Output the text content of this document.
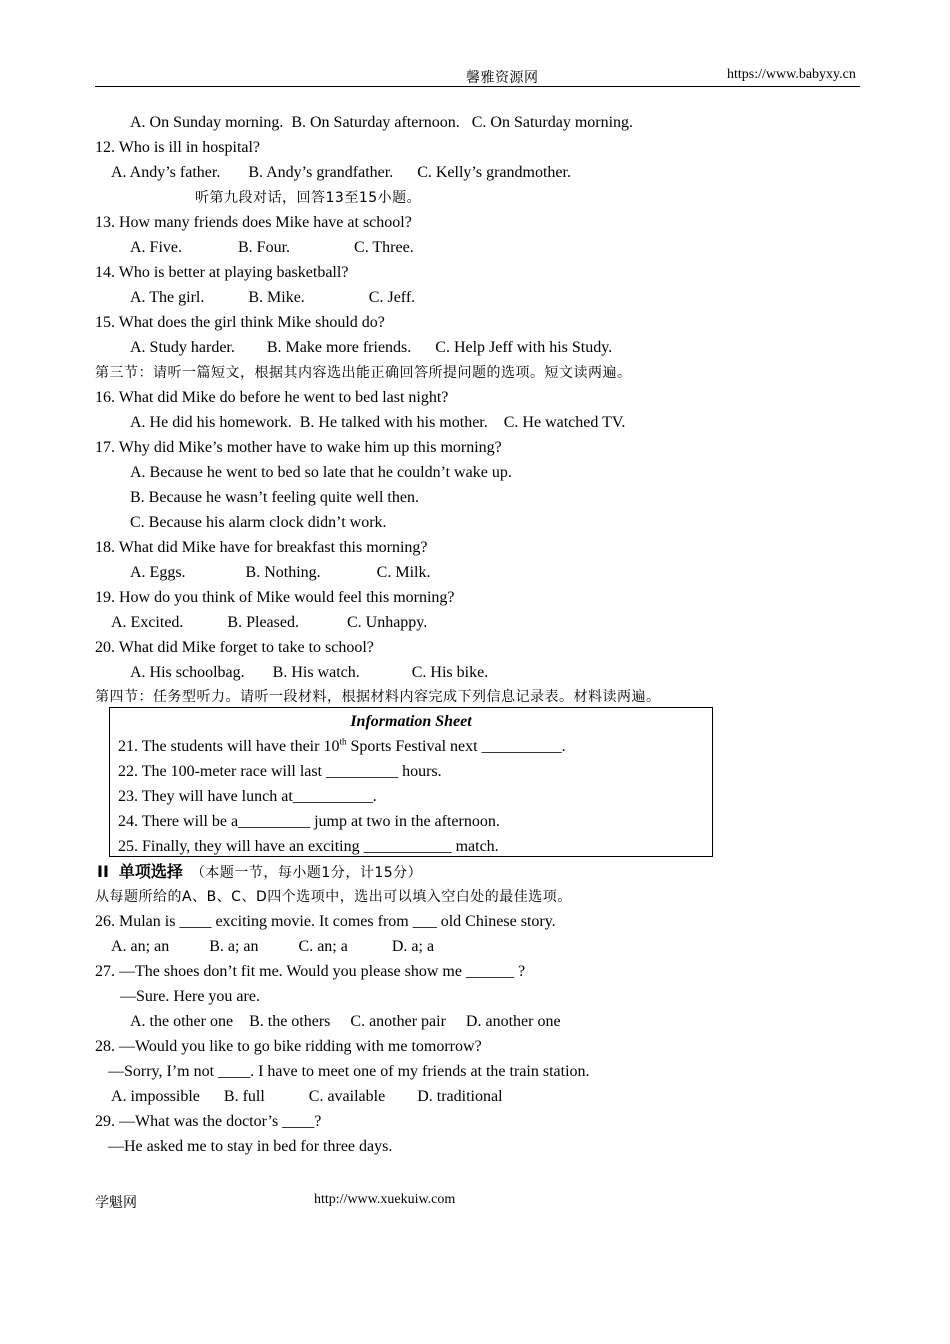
馨雅资源网	https://www.babyxy.cn
A. On Sunday morning.  B. On Saturday afternoon.   C. On Saturday morning.
12. Who is ill in hospital?
A. Andy’s father.       B. Andy’s grandfather.      C. Kelly’s grandmother.
听第九段对话，回答13至15小题。
13. How many friends does Mike have at school?
A. Five.              B. Four.                C. Three.
14. Who is better at playing basketball?
A. The girl.           B. Mike.                C. Jeff.
15. What does the girl think Mike should do?
A. Study harder.        B. Make more friends.      C. Help Jeff with his Study.
第三节：请听一篇短文，根据其内容选出能正确回答所提问题的选项。短文读两遍。
16. What did Mike do before he went to bed last night?
A. He did his homework.  B. He talked with his mother.    C. He watched TV.
17. Why did Mike’s mother have to wake him up this morning?
A. Because he went to bed so late that he couldn’t wake up.
B. Because he wasn’t feeling quite well then.
C. Because his alarm clock didn’t work.
18. What did Mike have for breakfast this morning?
A. Eggs.               B. Nothing.              C. Milk.
19. How do you think of Mike would feel this morning?
A. Excited.           B. Pleased.            C. Unhappy.
20. What did Mike forget to take to school?
A. His schoolbag.       B. His watch.             C. His bike.
第四节：任务型听力。请听一段材料，根据材料内容完成下列信息记录表。材料读两遍。
Information Sheet
21. The students will have their 10th Sports Festival next __________.
22. The 100-meter race will last _________ hours.
23. They will have lunch at__________.
24. There will be a_________ jump at two in the afternoon.
25. Finally, they will have an exciting ___________ match.
II 单项选择 （本题一节，每小题1分，计15分）
从每题所给的A、B、C、D四个选项中，选出可以填入空白处的最佳选项。
26. Mulan is ____ exciting movie. It comes from ___ old Chinese story.
A. an; an          B. a; an          C. an; a           D. a; a
27. —The shoes don’t fit me. Would you please show me ______ ?
—Sure. Here you are.
A. the other one    B. the others     C. another pair     D. another one
28. —Would you like to go bike ridding with me tomorrow?
—Sorry, I’m not ____. I have to meet one of my friends at the train station.
A. impossible      B. full           C. available        D. traditional
29. —What was the doctor’s ____?
—He asked me to stay in bed for three days.
学魁网	http://www.xuekuiw.com
